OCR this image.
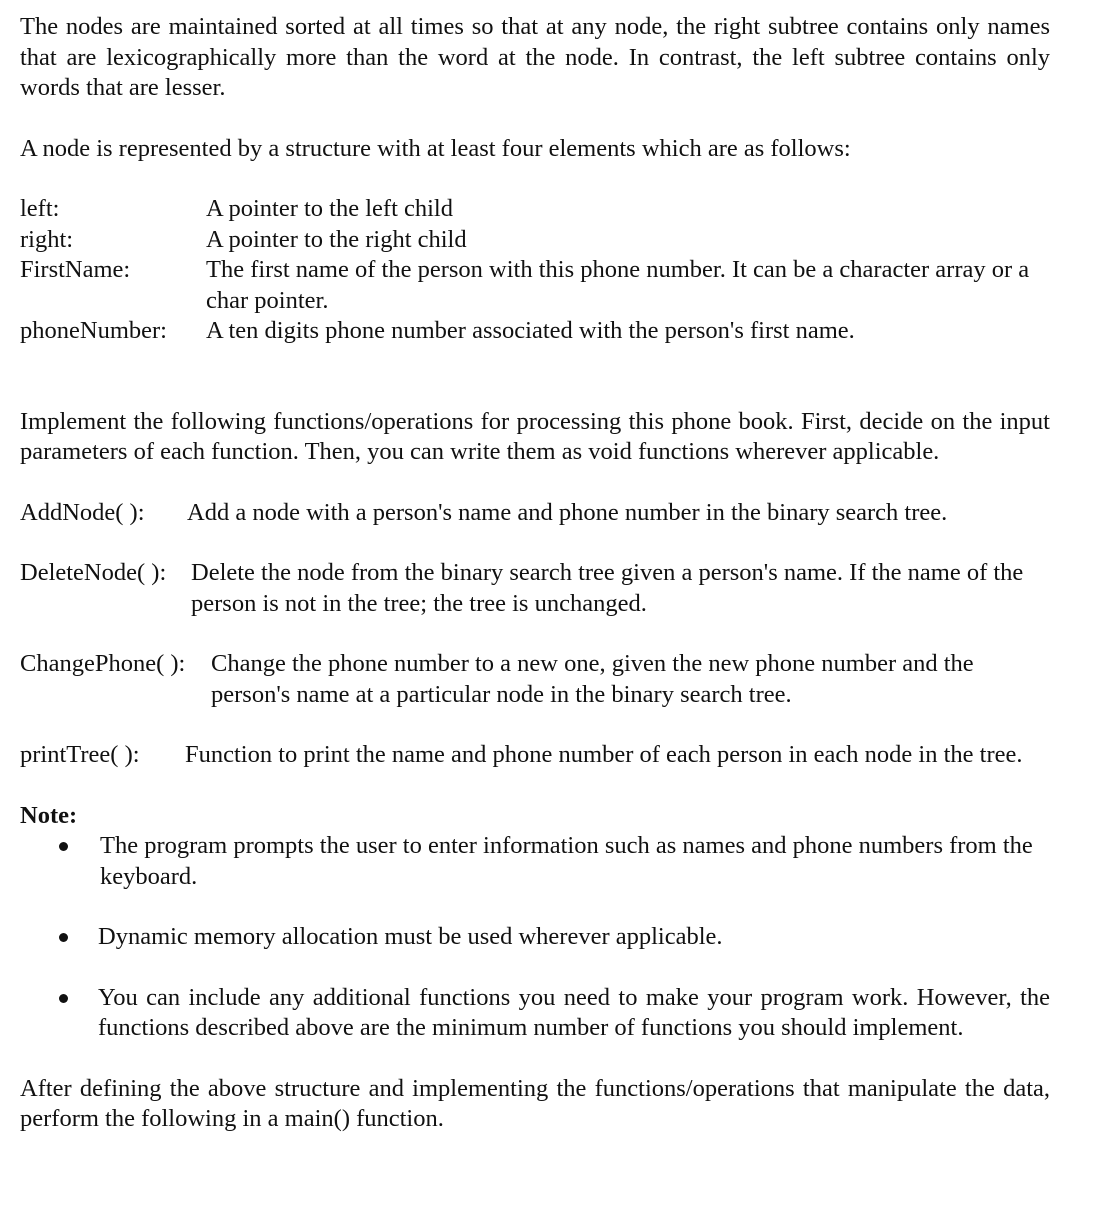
The nodes are maintained sorted at all times so that at any node, the right subtree contains only names that are lexicographically more than the word at the node. In contrast, the left subtree contains only words that are lesser.

A node is represented by a structure with at least four elements which are as follows:

left:	A pointer to the left child
right:	A pointer to the right child
FirstName:	The first name of the person with this phone number. It can be a character array or a char pointer.
phoneNumber:	A ten digits phone number associated with the person's first name.

Implement the following functions/operations for processing this phone book. First, decide on the input parameters of each function. Then, you can write them as void functions wherever applicable.

AddNode( ):	Add a node with a person's name and phone number in the binary search tree.
DeleteNode( ):	Delete the node from the binary search tree given a person's name. If the name of the person is not in the tree; the tree is unchanged.
ChangePhone( ):	Change the phone number to a new one, given the new phone number and the person's name at a particular node in the binary search tree.
printTree( ):	Function to print the name and phone number of each person in each node in the tree.

Note:

The program prompts the user to enter information such as names and phone numbers from the keyboard.
Dynamic memory allocation must be used wherever applicable.
You can include any additional functions you need to make your program work. However, the functions described above are the minimum number of functions you should implement.

After defining the above structure and implementing the functions/operations that manipulate the data, perform the following in a main() function.
